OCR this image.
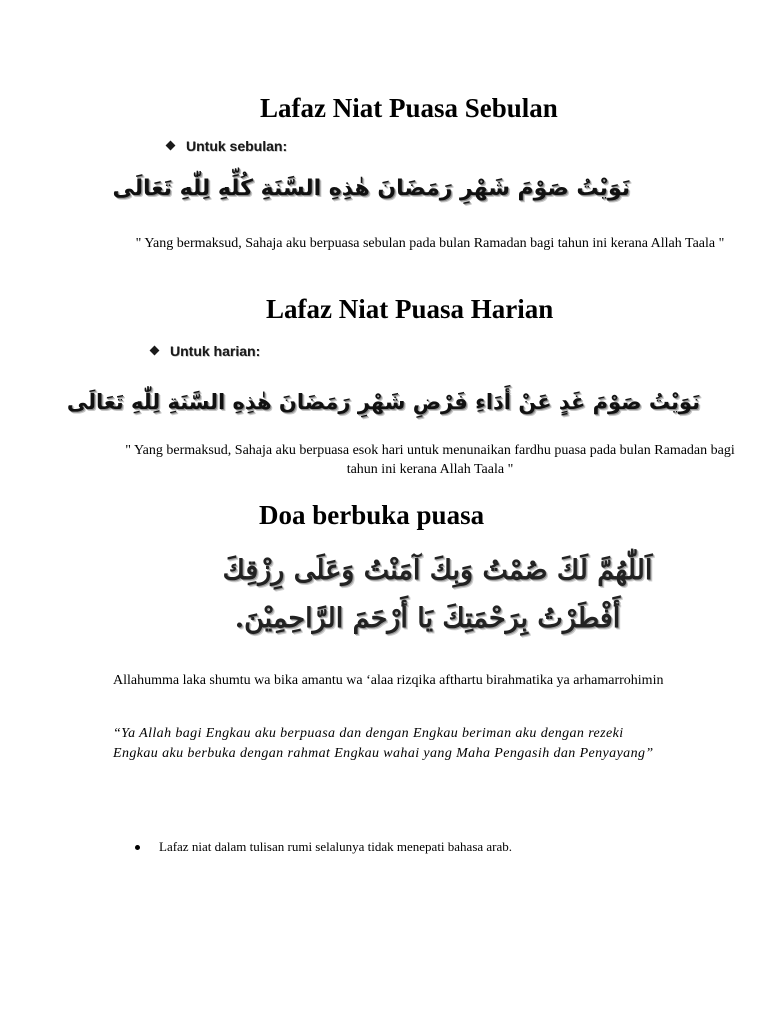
Lafaz Niat Puasa Sebulan
Untuk sebulan:
نَوَيْتُ صَوْمَ شَهْرِ رَمَضَانَ هٰذِهِ السَّنَةِ كُلِّهِ لِلّٰهِ تَعَالَى
" Yang bermaksud, Sahaja aku berpuasa sebulan pada bulan Ramadan bagi tahun ini kerana Allah Taala "
Lafaz Niat Puasa Harian
Untuk harian:
نَوَيْتُ صَوْمَ غَدٍ عَنْ أَدَاءِ فَرْضِ شَهْرِ رَمَضَانَ هٰذِهِ السَّنَةِ لِلّٰهِ تَعَالَى
" Yang bermaksud, Sahaja aku berpuasa esok hari untuk menunaikan fardhu puasa pada bulan Ramadan bagi tahun ini kerana Allah Taala "
Doa berbuka puasa
اَللّٰهُمَّ لَكَ صُمْتُ وَبِكَ آمَنْتُ وَعَلَى رِزْقِكَ
أَفْطَرْتُ بِرَحْمَتِكَ يَا أَرْحَمَ الرَّاحِمِيْنَ.
Allahumma laka shumtu wa bika amantu wa ‘alaa rizqika afthartu birahmatika ya arhamarrohimin
“Ya Allah bagi Engkau aku berpuasa dan dengan Engkau beriman aku dengan rezeki Engkau aku berbuka dengan rahmat Engkau wahai yang Maha Pengasih dan Penyayang”
Lafaz niat dalam tulisan rumi selalunya tidak menepati bahasa arab.
